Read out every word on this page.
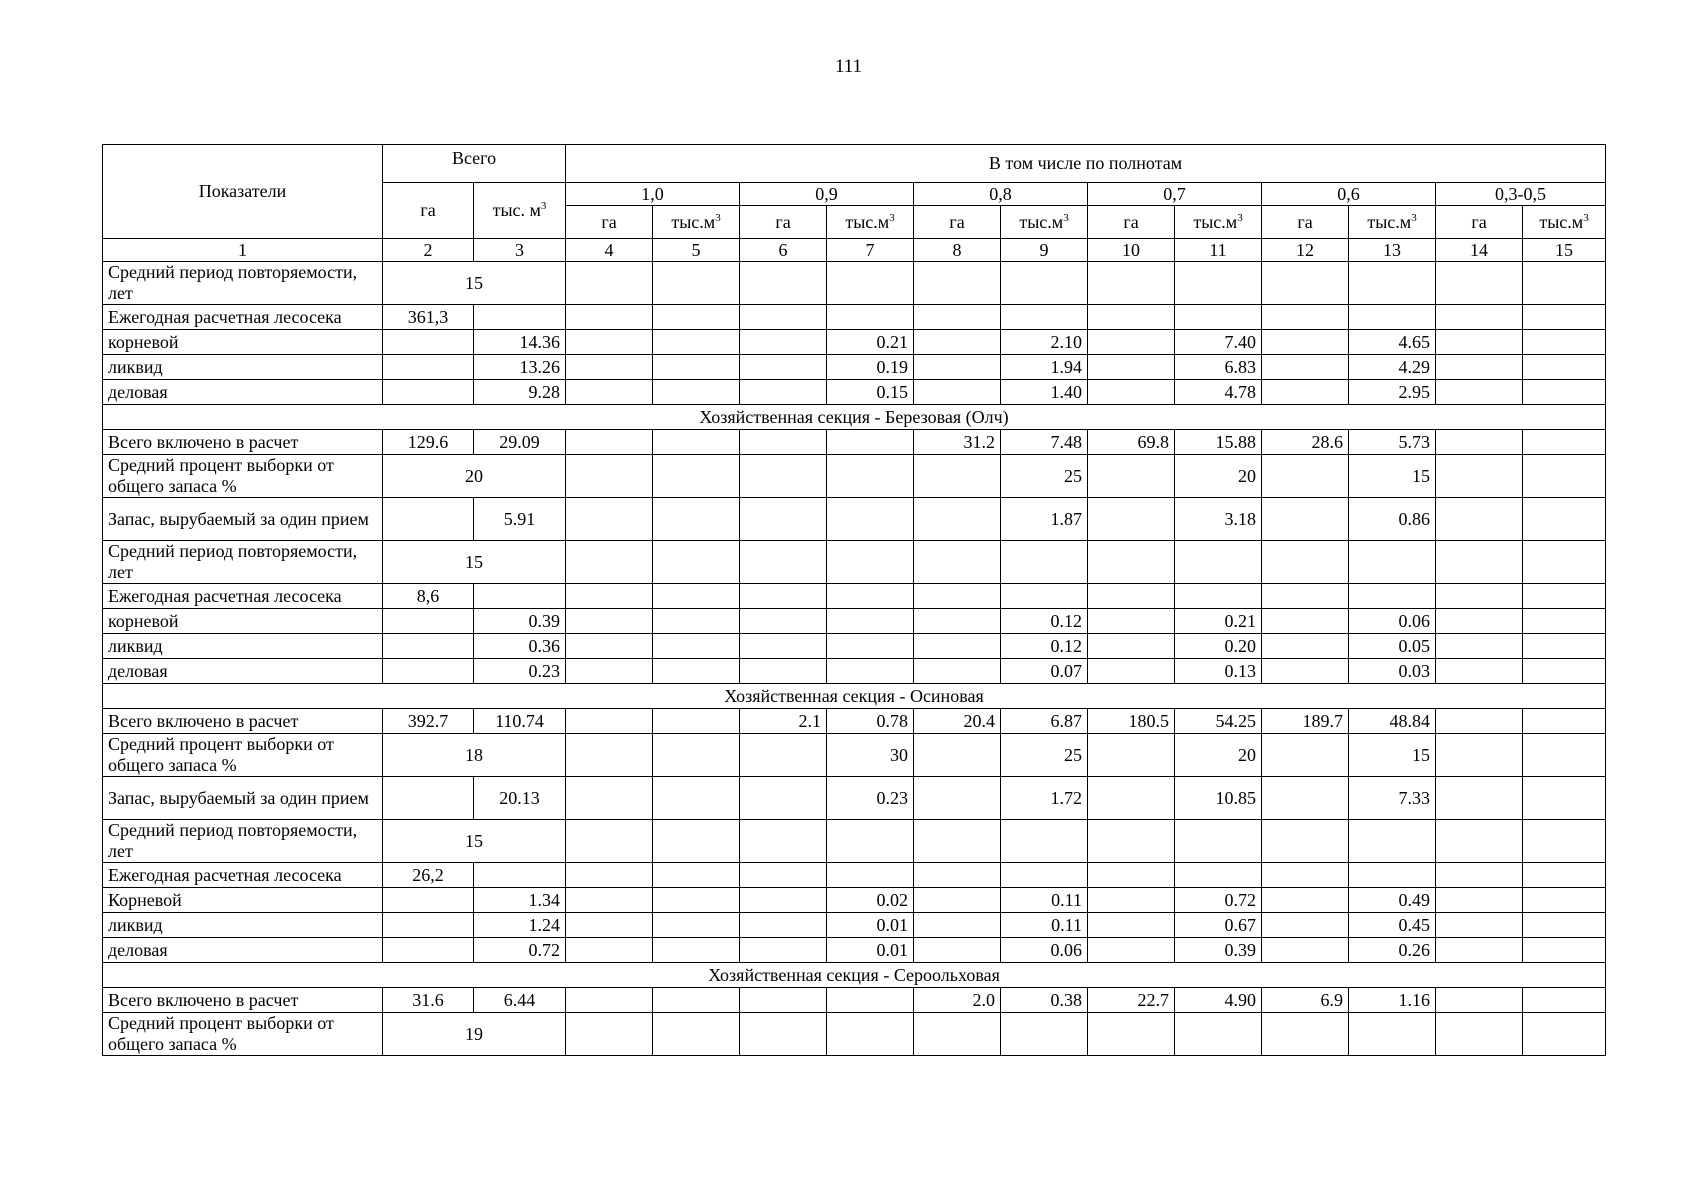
111
Показатели	Всего		В том числе по полнотам											
	га	тыс. $м^3$	1,0		0,9		0,8		0,7		0,6		0,3-0,5	
			га	$тыс.м^3$	га	$тыс.м^3$	га	$тыс.м^3$	га	$тыс.м^3$	га	$тыс.м^3$	га	$тыс.м^3$
1	2	3	4	5	6	7	8	9	10	11	12	13	14	15
Средний период повторяемости, лет	15													
Ежегодная расчетная лесосека	361,3													
корневой		14.36				0.21		2.10		7.40		4.65		
ликвид		13.26				0.19		1.94		6.83		4.29		
деловая		9.28				0.15		1.40		4.78		2.95		
Хозяйственная секция - Березовая (Олч)														
Всего включено в расчет	129.6	29.09					31.2	7.48	69.8	15.88	28.6	5.73		
Средний процент выборки от общего запаса %	20							25		20		15		
Запас, вырубаемый за один прием		5.91						1.87		3.18		0.86		
Средний период повторяемости, лет	15													
Ежегодная расчетная лесосека	8,6													
корневой		0.39						0.12		0.21		0.06		
ликвид		0.36						0.12		0.20		0.05		
деловая		0.23						0.07		0.13		0.03		
Хозяйственная секция - Осиновая														
Всего включено в расчет	392.7	110.74			2.1	0.78	20.4	6.87	180.5	54.25	189.7	48.84		
Средний процент выборки от общего запаса %	18					30		25		20		15		
Запас, вырубаемый за один прием		20.13				0.23		1.72		10.85		7.33		
Средний период повторяемости, лет	15													
Ежегодная расчетная лесосека	26,2													
Корневой		1.34				0.02		0.11		0.72		0.49		
ликвид		1.24				0.01		0.11		0.67		0.45		
деловая		0.72				0.01		0.06		0.39		0.26		
Хозяйственная секция - Сероольховая														
Всего включено в расчет	31.6	6.44					2.0	0.38	22.7	4.90	6.9	1.16		
Средний процент выборки от общего запаса %	19													
